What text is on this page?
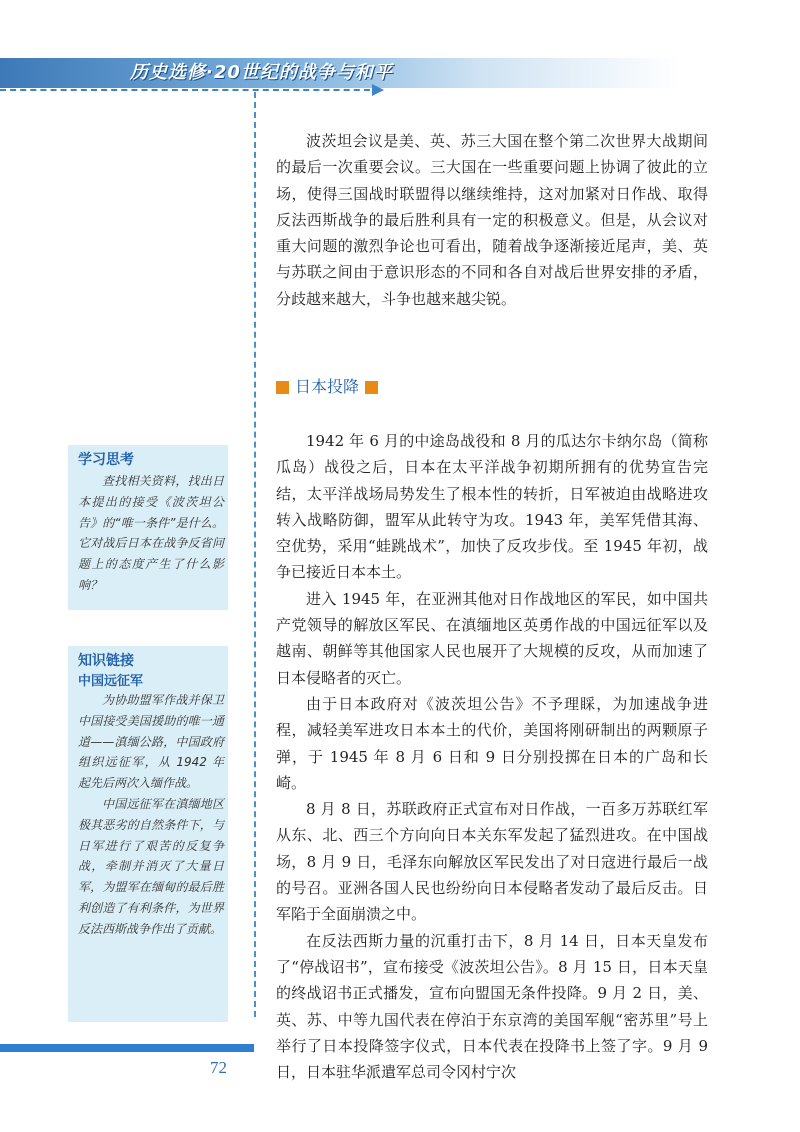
历史选修·20世纪的战争与和平

波茨坦会议是美、英、苏三大国在整个第二次世界大战期间的最后一次重要会议。三大国在一些重要问题上协调了彼此的立场，使得三国战时联盟得以继续维持，这对加紧对日作战、取得反法西斯战争的最后胜利具有一定的积极意义。但是，从会议对重大问题的激烈争论也可看出，随着战争逐渐接近尾声，美、英与苏联之间由于意识形态的不同和各自对战后世界安排的矛盾，分歧越来越大，斗争也越来越尖锐。

日本投降

1942 年 6 月的中途岛战役和 8 月的瓜达尔卡纳尔岛（简称瓜岛）战役之后，日本在太平洋战争初期所拥有的优势宣告完结，太平洋战场局势发生了根本性的转折，日军被迫由战略进攻转入战略防御，盟军从此转守为攻。1943 年，美军凭借其海、空优势，采用“蛙跳战术”，加快了反攻步伐。至 1945 年初，战争已接近日本本土。

进入 1945 年，在亚洲其他对日作战地区的军民，如中国共产党领导的解放区军民、在滇缅地区英勇作战的中国远征军以及越南、朝鲜等其他国家人民也展开了大规模的反攻，从而加速了日本侵略者的灭亡。

由于日本政府对《波茨坦公告》不予理睬，为加速战争进程，减轻美军进攻日本本土的代价，美国将刚研制出的两颗原子弹，于 1945 年 8 月 6 日和 9 日分别投掷在日本的广岛和长崎。

8 月 8 日，苏联政府正式宣布对日作战，一百多万苏联红军从东、北、西三个方向向日本关东军发起了猛烈进攻。在中国战场，8 月 9 日，毛泽东向解放区军民发出了对日寇进行最后一战的号召。亚洲各国人民也纷纷向日本侵略者发动了最后反击。日军陷于全面崩溃之中。

在反法西斯力量的沉重打击下，8 月 14 日，日本天皇发布了“停战诏书”，宣布接受《波茨坦公告》。8 月 15 日，日本天皇的终战诏书正式播发，宣布向盟国无条件投降。9 月 2 日，美、英、苏、中等九国代表在停泊于东京湾的美国军舰“密苏里”号上举行了日本投降签字仪式，日本代表在投降书上签了字。9 月 9 日，日本驻华派遣军总司令冈村宁次

学习思考

查找相关资料，找出日本提出的接受《波茨坦公告》的“唯一条件”是什么。它对战后日本在战争反省问题上的态度产生了什么影响？

知识链接
中国远征军

为协助盟军作战并保卫中国接受美国援助的唯一通道——滇缅公路，中国政府组织远征军，从 1942 年起先后两次入缅作战。

中国远征军在滇缅地区极其恶劣的自然条件下，与日军进行了艰苦的反复争战，牵制并消灭了大量日军，为盟军在缅甸的最后胜利创造了有利条件，为世界反法西斯战争作出了贡献。

72
